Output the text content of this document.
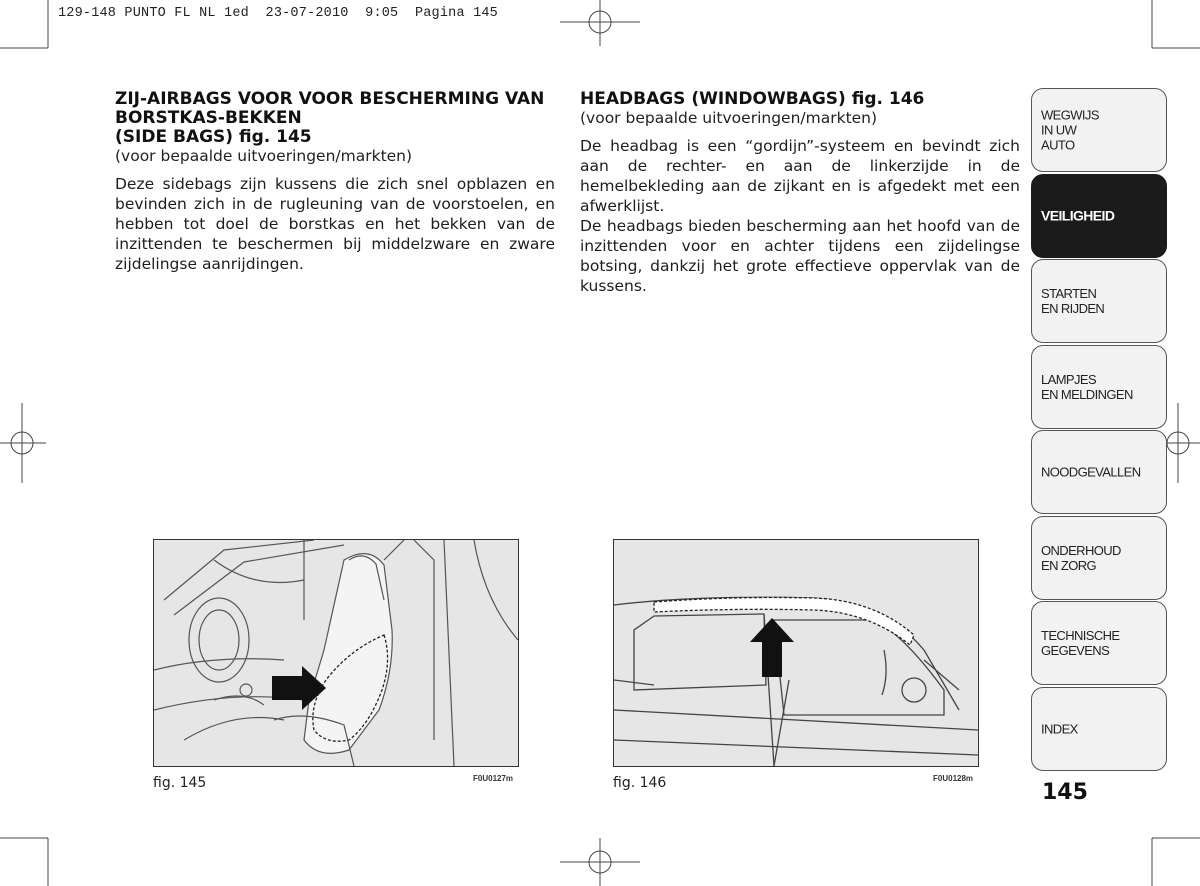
129-148 PUNTO FL NL 1ed  23-07-2010  9:05  Pagina 145

ZIJ-AIRBAGS VOOR VOOR BESCHERMING VAN BORSTKAS-BEKKEN

(SIDE BAGS) fig. 145

(voor bepaalde uitvoeringen/markten)

Deze sidebags zijn kussens die zich snel opblazen en bevinden zich in de rugleuning van de voorstoelen, en hebben tot doel de borstkas en het bekken van de inzittenden te beschermen bij middelzware en zware zijdelingse aanrijdingen.

HEADBAGS (WINDOWBAGS) fig. 146

(voor bepaalde uitvoeringen/markten)

De headbag is een “gordijn”-systeem en bevindt zich aan de rechter- en aan de linkerzijde in de hemelbekleding aan de zijkant en is afgedekt met een afwerklijst.

De headbags bieden bescherming aan het hoofd van de inzittenden voor en achter tijdens een zijdelingse botsing, dankzij het grote effectieve oppervlak van de kussens.

fig. 145	F0U0127m	fig. 146	F0U0128m
WEGWIJS
IN UW
AUTO
VEILIGHEID
STARTEN
EN RIJDEN
LAMPJES
EN MELDINGEN
NOODGEVALLEN
ONDERHOUD
EN ZORG
TECHNISCHE
GEGEVENS
INDEX
145
